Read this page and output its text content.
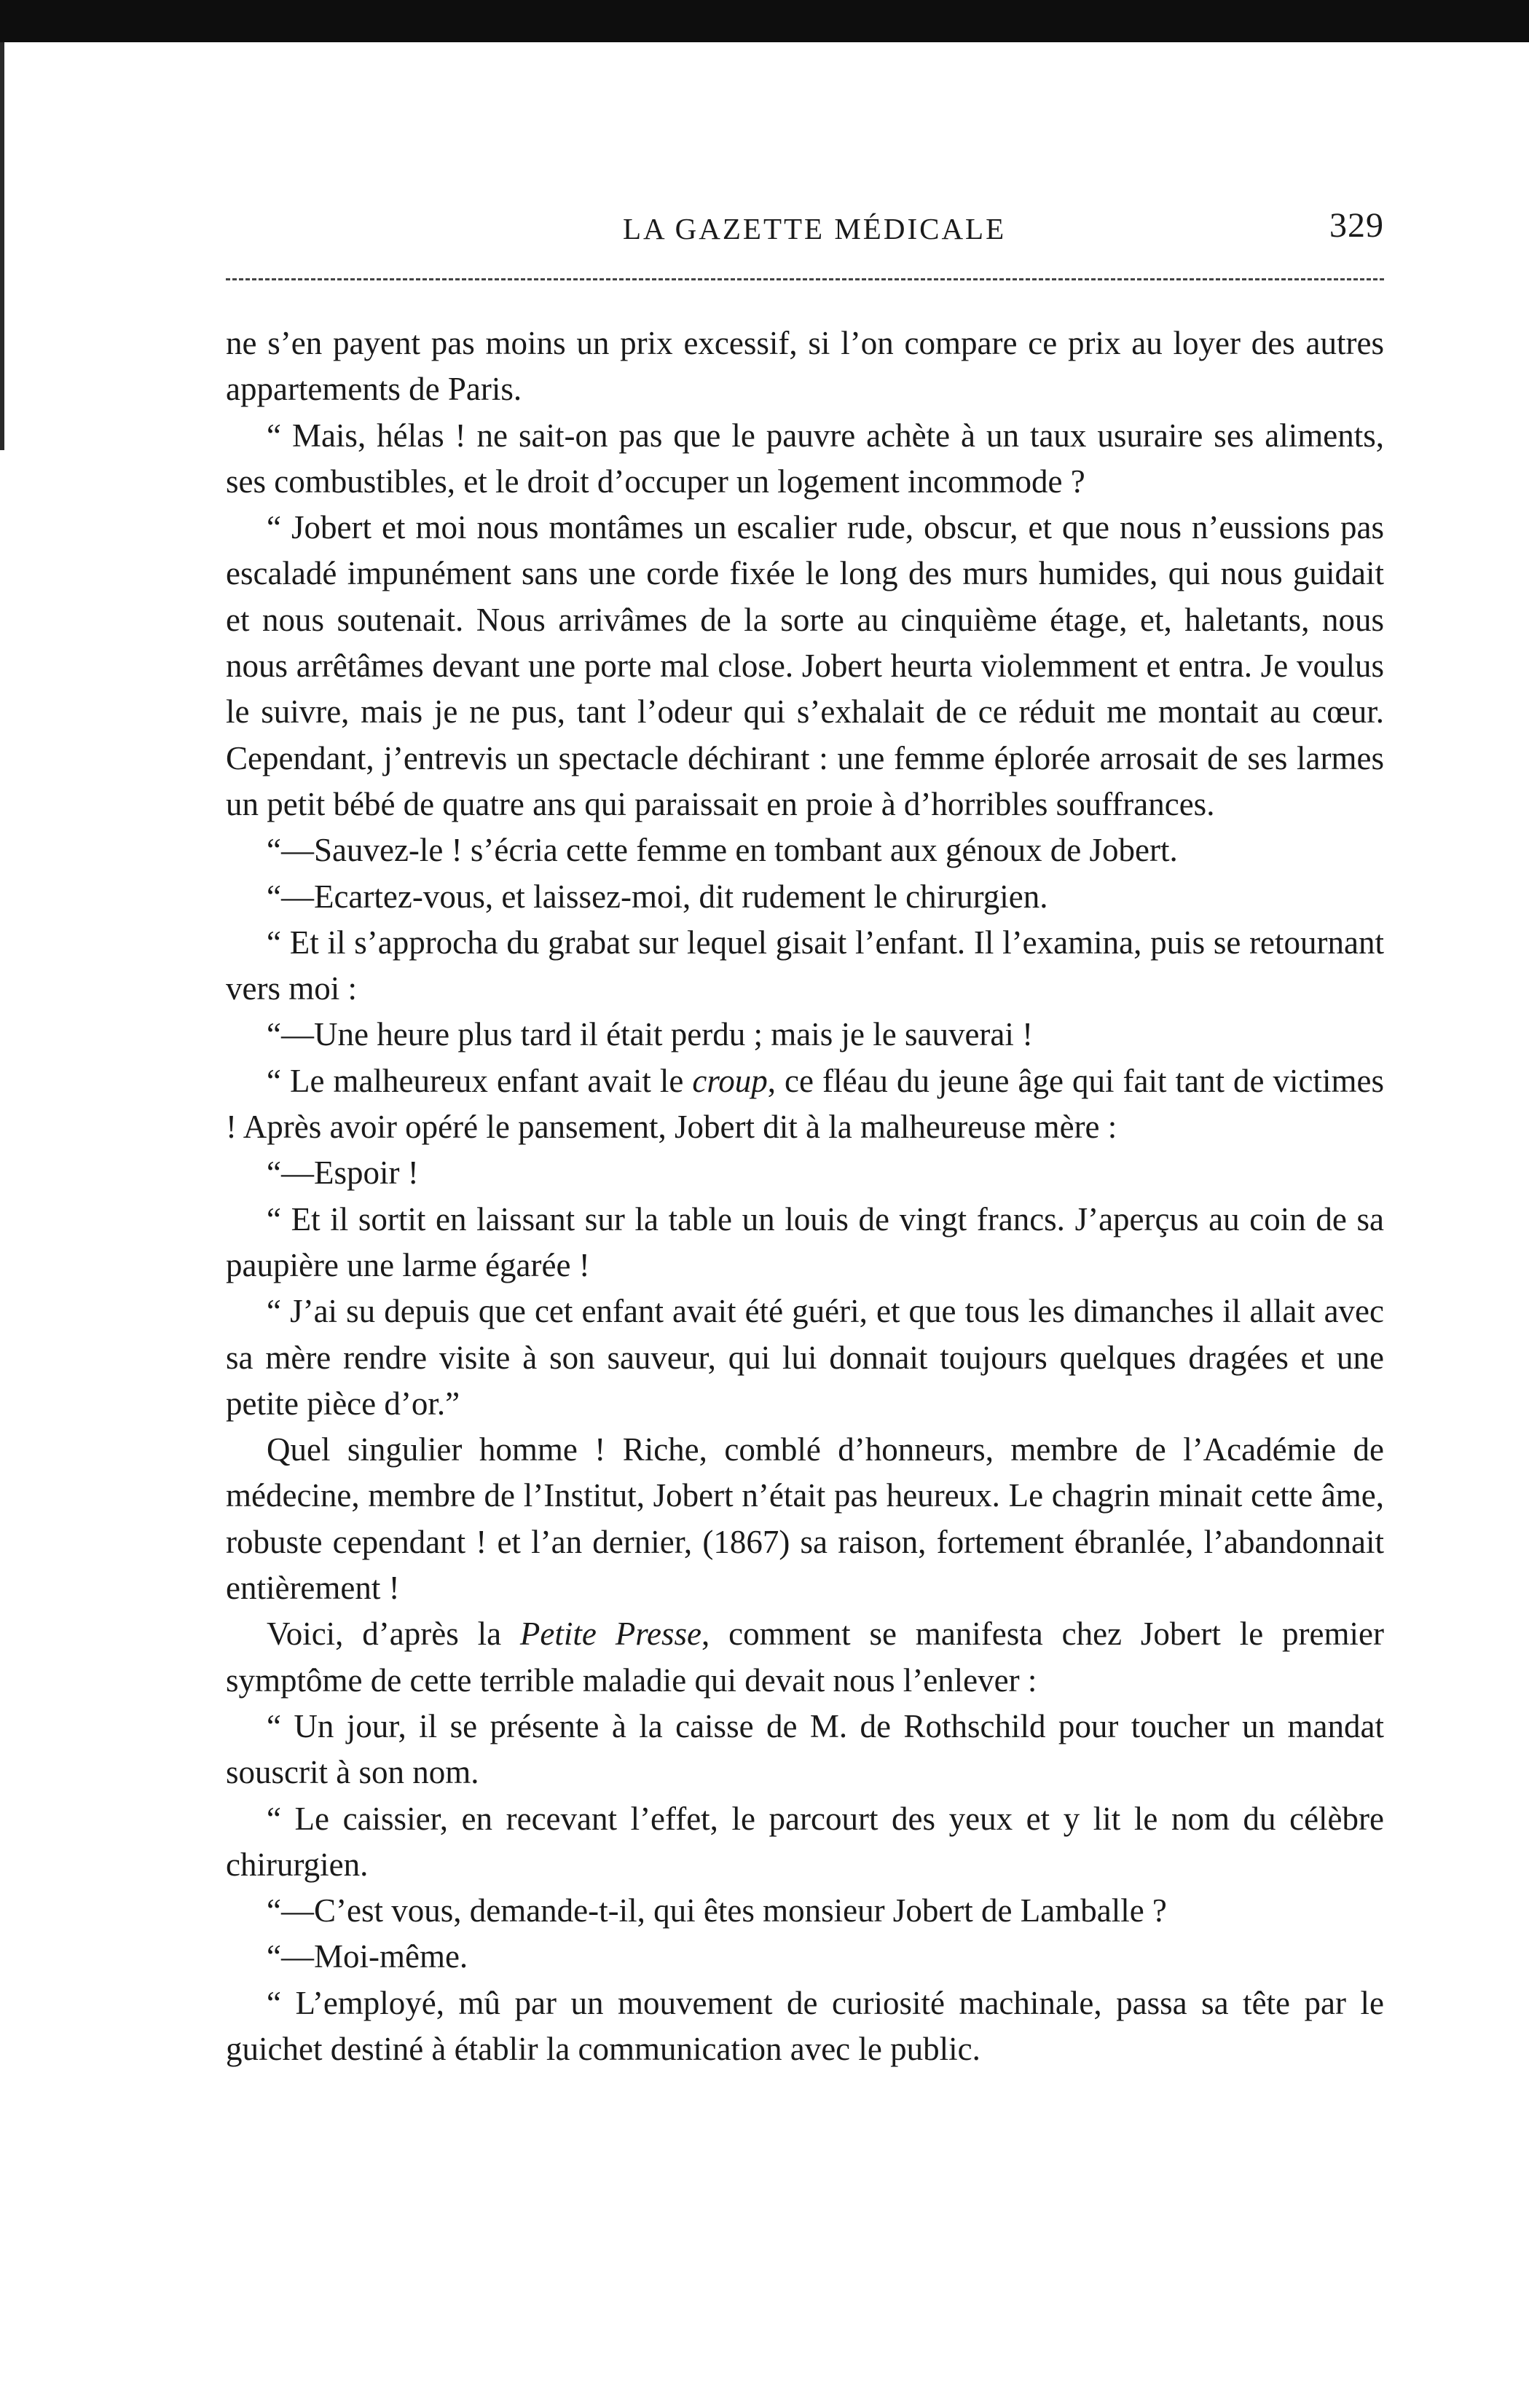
LA GAZETTE MÉDICALE	329

ne s’en payent pas moins un prix excessif, si l’on compare ce prix au loyer des autres appartements de Paris.

“ Mais, hélas ! ne sait-on pas que le pauvre achète à un taux usuraire ses aliments, ses combustibles, et le droit d’occuper un logement incommode ?

“ Jobert et moi nous montâmes un escalier rude, obscur, et que nous n’eussions pas escaladé impunément sans une corde fixée le long des murs humides, qui nous guidait et nous soutenait. Nous arrivâmes de la sorte au cinquième étage, et, haletants, nous nous arrêtâmes devant une porte mal close. Jobert heurta violemment et entra. Je voulus le suivre, mais je ne pus, tant l’odeur qui s’exhalait de ce réduit me montait au cœur. Cependant, j’entrevis un spectacle déchirant : une femme éplorée arrosait de ses larmes un petit bébé de quatre ans qui paraissait en proie à d’horribles souffrances.

“—Sauvez-le ! s’écria cette femme en tombant aux génoux de Jobert.

“—Ecartez-vous, et laissez-moi, dit rudement le chirurgien.

“ Et il s’approcha du grabat sur lequel gisait l’enfant. Il l’examina, puis se retournant vers moi :

“—Une heure plus tard il était perdu ; mais je le sauverai !

“ Le malheureux enfant avait le croup, ce fléau du jeune âge qui fait tant de victimes ! Après avoir opéré le pansement, Jobert dit à la malheureuse mère :

“—Espoir !

“ Et il sortit en laissant sur la table un louis de vingt francs. J’aperçus au coin de sa paupière une larme égarée !

“ J’ai su depuis que cet enfant avait été guéri, et que tous les dimanches il allait avec sa mère rendre visite à son sauveur, qui lui donnait toujours quelques dragées et une petite pièce d’or.”

Quel singulier homme ! Riche, comblé d’honneurs, membre de l’Académie de médecine, membre de l’Institut, Jobert n’était pas heureux. Le chagrin minait cette âme, robuste cependant ! et l’an dernier, (1867) sa raison, fortement ébranlée, l’abandonnait entièrement !

Voici, d’après la Petite Presse, comment se manifesta chez Jobert le premier symptôme de cette terrible maladie qui devait nous l’enlever :

“ Un jour, il se présente à la caisse de M. de Rothschild pour toucher un mandat souscrit à son nom.

“ Le caissier, en recevant l’effet, le parcourt des yeux et y lit le nom du célèbre chirurgien.

“—C’est vous, demande-t-il, qui êtes monsieur Jobert de Lamballe ?

“—Moi-même.

“ L’employé, mû par un mouvement de curiosité machinale, passa sa tête par le guichet destiné à établir la communication avec le public.
